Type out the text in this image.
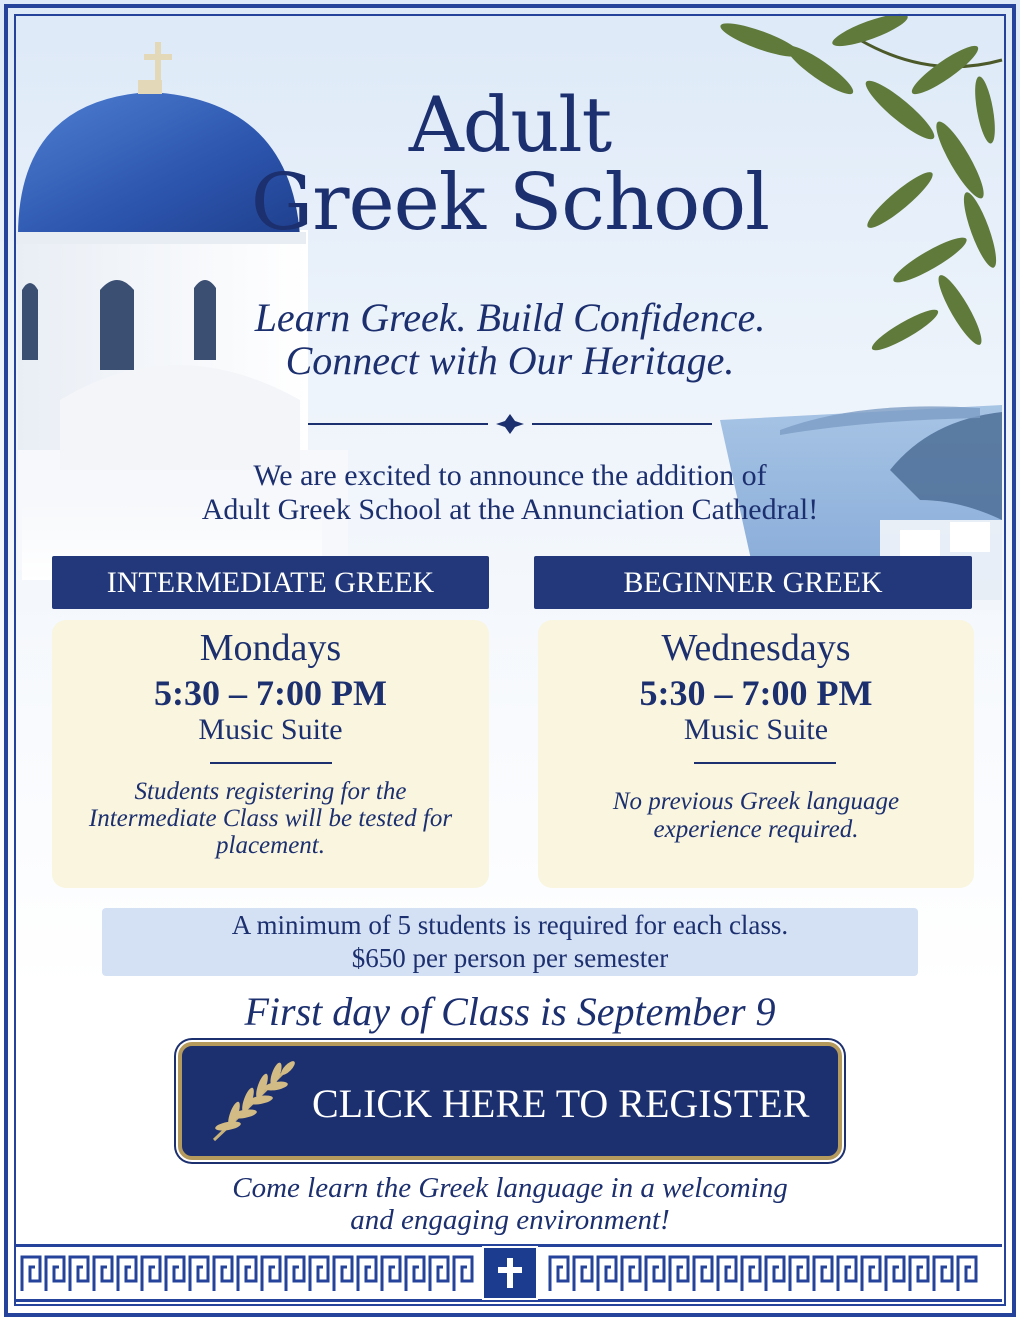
Adult
Greek School
Learn Greek. Build Confidence.
Connect with Our Heritage.
We are excited to announce the addition of
Adult Greek School at the Annunciation Cathedral!
INTERMEDIATE GREEK
Mondays
5:30 – 7:00 PM
Music Suite
Students registering for the
Intermediate Class will be tested for
placement.
BEGINNER GREEK
Wednesdays
5:30 – 7:00 PM
Music Suite
No previous Greek language
experience required.
A minimum of 5 students is required for each class.
$650 per person per semester
First day of Class is September 9
CLICK HERE TO REGISTER
Come learn the Greek language in a welcoming
and engaging environment!
